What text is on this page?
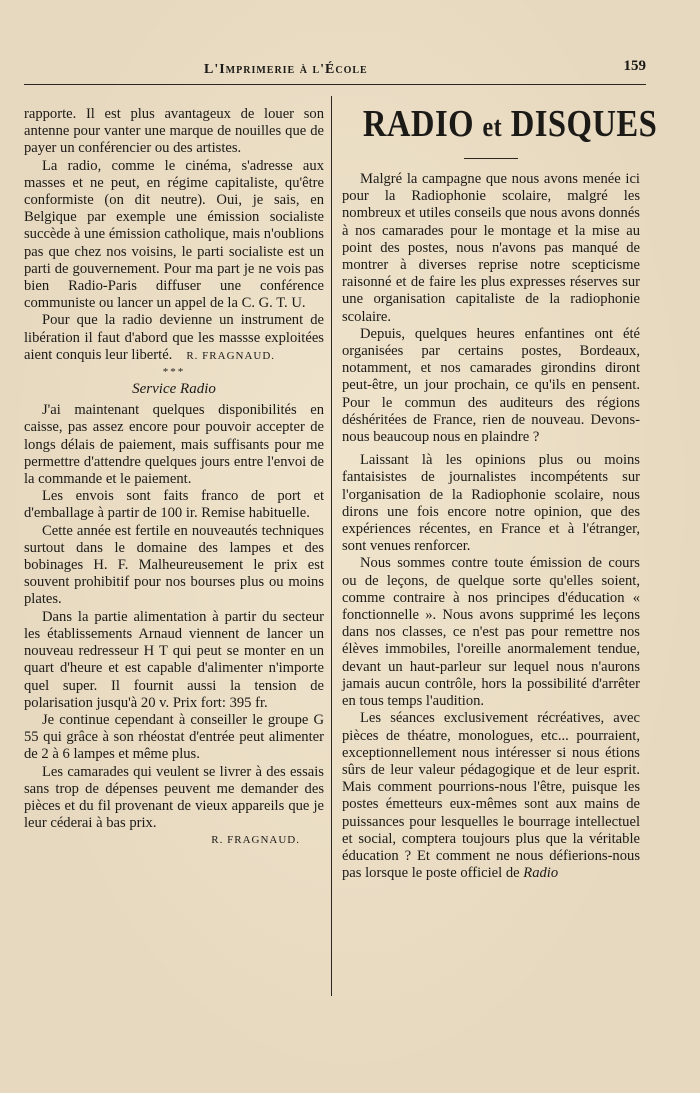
L'Imprimerie à l'École	159

rapporte. Il est plus avantageux de louer son antenne pour vanter une marque de nouilles que de payer un conférencier ou des artistes.

La radio, comme le cinéma, s'adresse aux masses et ne peut, en régime capitaliste, qu'être conformiste (on dit neutre). Oui, je sais, en Belgique par exemple une émission socialiste succède à une émission catholique, mais n'oublions pas que chez nos voisins, le parti socialiste est un parti de gouvernement. Pour ma part je ne vois pas bien Radio-Paris diffuser une conférence communiste ou lancer un appel de la C. G. T. U.

Pour que la radio devienne un instrument de libération il faut d'abord que les massse exploitées aient conquis leur liberté. R. FRAGNAUD.

***
Service Radio

J'ai maintenant quelques disponibilités en caisse, pas assez encore pour pouvoir accepter de longs délais de paiement, mais suffisants pour me permettre d'attendre quelques jours entre l'envoi de la commande et le paiement.

Les envois sont faits franco de port et d'emballage à partir de 100 ir. Remise habituelle.

Cette année est fertile en nouveautés techniques surtout dans le domaine des lampes et des bobinages H. F. Malheureusement le prix est souvent prohibitif pour nos bourses plus ou moins plates.

Dans la partie alimentation à partir du secteur les établissements Arnaud viennent de lancer un nouveau redresseur H T qui peut se monter en un quart d'heure et est capable d'alimenter n'importe quel super. Il fournit aussi la tension de polarisation jusqu'à 20 v. Prix fort: 395 fr.

Je continue cependant à conseiller le groupe G 55 qui grâce à son rhéostat d'entrée peut alimenter de 2 à 6 lampes et même plus.

Les camarades qui veulent se livrer à des essais sans trop de dépenses peuvent me demander des pièces et du fil provenant de vieux appareils que je leur céderai à bas prix.

R. FRAGNAUD.
RADIO et DISQUES

Malgré la campagne que nous avons menée ici pour la Radiophonie scolaire, malgré les nombreux et utiles conseils que nous avons donnés à nos camarades pour le montage et la mise au point des postes, nous n'avons pas manqué de montrer à diverses reprise notre scepticisme raisonné et de faire les plus expresses réserves sur une organisation capitaliste de la radiophonie scolaire.

Depuis, quelques heures enfantines ont été organisées par certains postes, Bordeaux, notamment, et nos camarades girondins diront peut-être, un jour prochain, ce qu'ils en pensent. Pour le commun des auditeurs des régions déshéritées de France, rien de nouveau. Devons-nous beaucoup nous en plaindre ?

Laissant là les opinions plus ou moins fantaisistes de journalistes incompétents sur l'organisation de la Radiophonie scolaire, nous dirons une fois encore notre opinion, que des expériences récentes, en France et à l'étranger, sont venues renforcer.

Nous sommes contre toute émission de cours ou de leçons, de quelque sorte qu'elles soient, comme contraire à nos principes d'éducation « fonctionnelle ». Nous avons supprimé les leçons dans nos classes, ce n'est pas pour remettre nos élèves immobiles, l'oreille anormalement tendue, devant un haut-parleur sur lequel nous n'aurons jamais aucun contrôle, hors la possibilité d'arrêter en tous temps l'audition.

Les séances exclusivement récréatives, avec pièces de théatre, monologues, etc... pourraient, exceptionnellement nous intéresser si nous étions sûrs de leur valeur pédagogique et de leur esprit. Mais comment pourrions-nous l'être, puisque les postes émetteurs eux-mêmes sont aux mains de puissances pour lesquelles le bourrage intellectuel et social, comptera toujours plus que la véritable éducation ? Et comment ne nous défierions-nous pas lorsque le poste officiel de Radio
